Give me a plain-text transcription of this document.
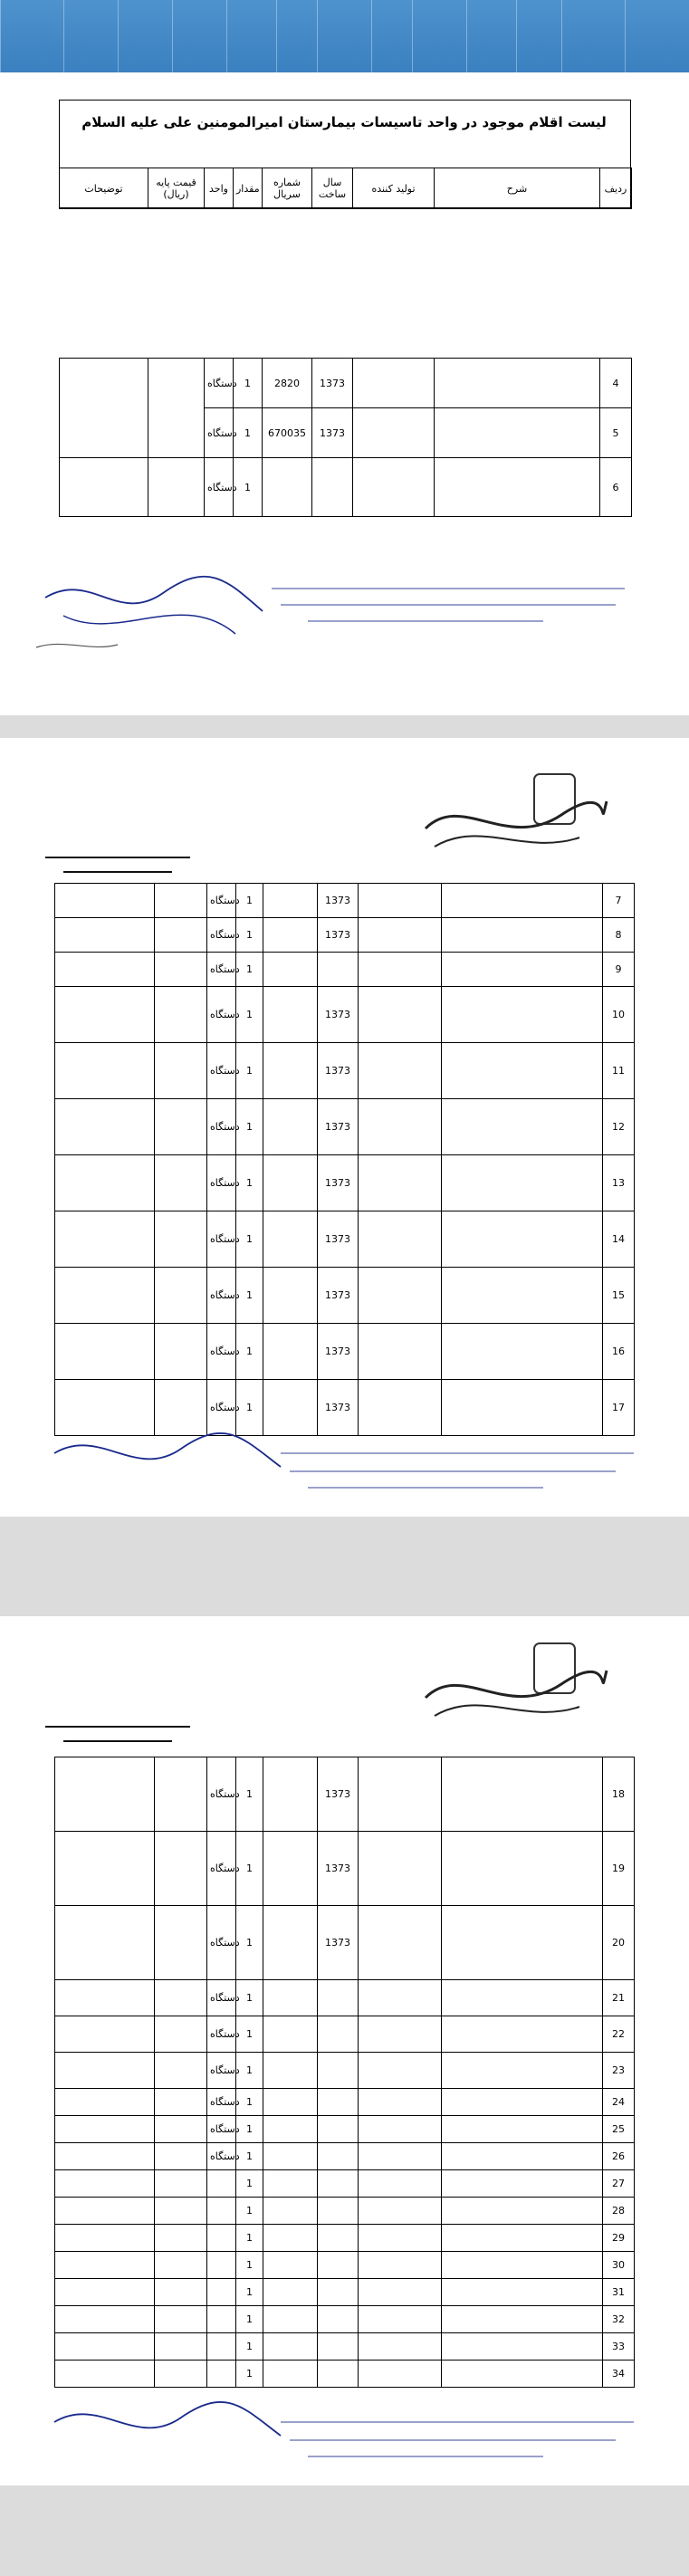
لیست اقلام موجود در واحد تاسیسات بیمارستان امیرالمومنین علی علیه السلام
توضیحات	قیمت پایه (ریال)	واحد	مقدار	شماره سریال	سال ساخت	تولید کننده	شرح	ردیف
		دستگاه	1	2820	1373			4
		دستگاه	1	670035	1373			5
		دستگاه	1					6
		دستگاه	1		1373			7
		دستگاه	1		1373			8
		دستگاه	1					9
		دستگاه	1		1373			10
		دستگاه	1		1373			11
		دستگاه	1		1373			12
		دستگاه	1		1373			13
		دستگاه	1		1373			14
		دستگاه	1		1373			15
		دستگاه	1		1373			16
		دستگاه	1		1373			17
		دستگاه	1		1373			18
		دستگاه	1		1373			19
		دستگاه	1		1373			20
		دستگاه	1					21
		دستگاه	1					22
		دستگاه	1					23
		دستگاه	1					24
		دستگاه	1					25
		دستگاه	1					26
			1					27
			1					28
			1					29
			1					30
			1					31
			1					32
			1					33
			1					34
